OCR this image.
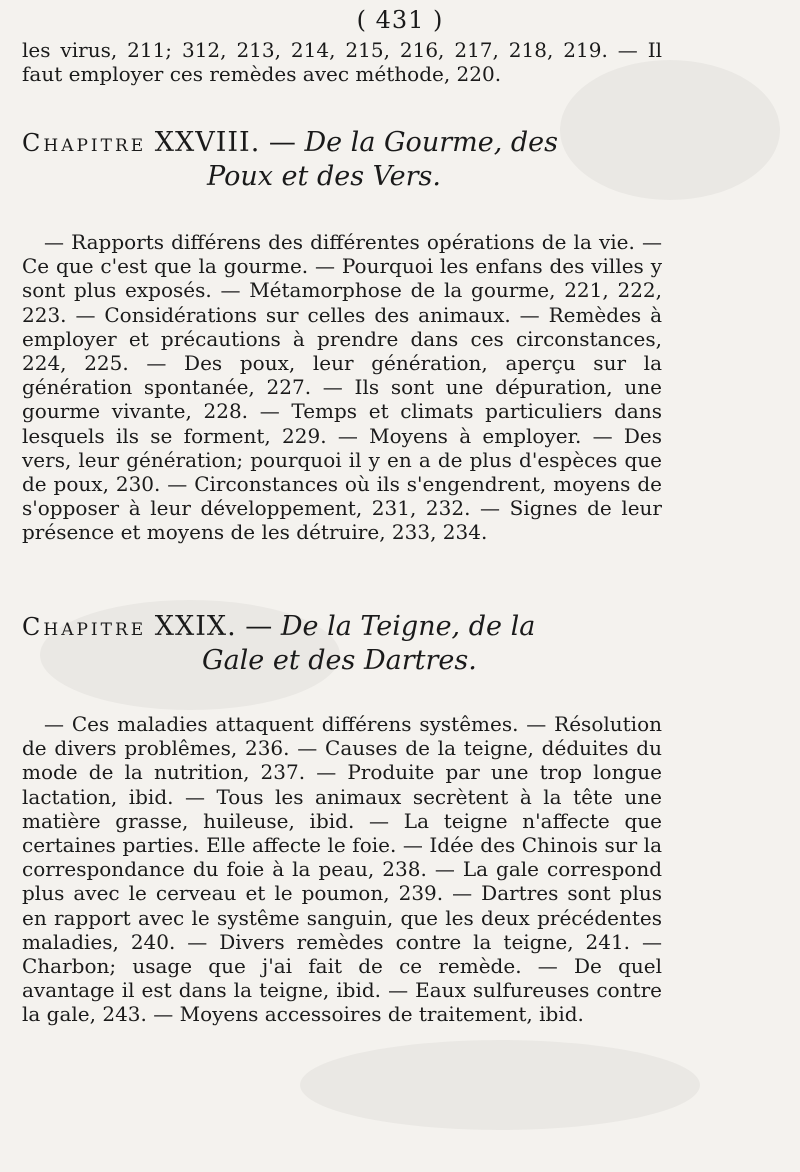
( 431 )
les virus, 211; 312, 213, 214, 215, 216, 217, 218, 219. — Il faut employer ces remèdes avec méthode, 220.
Chapitre XXVIII. — De la Gourme, des
Poux et des Vers.
— Rapports différens des différentes opérations de la vie. — Ce que c'est que la gourme. — Pourquoi les enfans des villes y sont plus exposés. — Métamorphose de la gourme, 221, 222, 223. — Considérations sur celles des animaux. — Remèdes à employer et précautions à prendre dans ces circonstances, 224, 225. — Des poux, leur génération, aperçu sur la génération spontanée, 227. — Ils sont une dépuration, une gourme vivante, 228. — Temps et climats particuliers dans lesquels ils se forment, 229. — Moyens à employer. — Des vers, leur génération; pourquoi il y en a de plus d'espèces que de poux, 230. — Circonstances où ils s'engendrent, moyens de s'opposer à leur développement, 231, 232. — Signes de leur présence et moyens de les détruire, 233, 234.
Chapitre XXIX. — De la Teigne, de la
Gale et des Dartres.
— Ces maladies attaquent différens systêmes. — Résolution de divers problêmes, 236. — Causes de la teigne, déduites du mode de la nutrition, 237. — Produite par une trop longue lactation, ibid. — Tous les animaux secrètent à la tête une matière grasse, huileuse, ibid. — La teigne n'affecte que certaines parties. Elle affecte le foie. — Idée des Chinois sur la correspondance du foie à la peau, 238. — La gale correspond plus avec le cerveau et le poumon, 239. — Dartres sont plus en rapport avec le systême sanguin, que les deux précédentes maladies, 240. — Divers remèdes contre la teigne, 241. — Charbon; usage que j'ai fait de ce remède. — De quel avantage il est dans la teigne, ibid. — Eaux sulfureuses contre la gale, 243. — Moyens accessoires de traitement, ibid.
